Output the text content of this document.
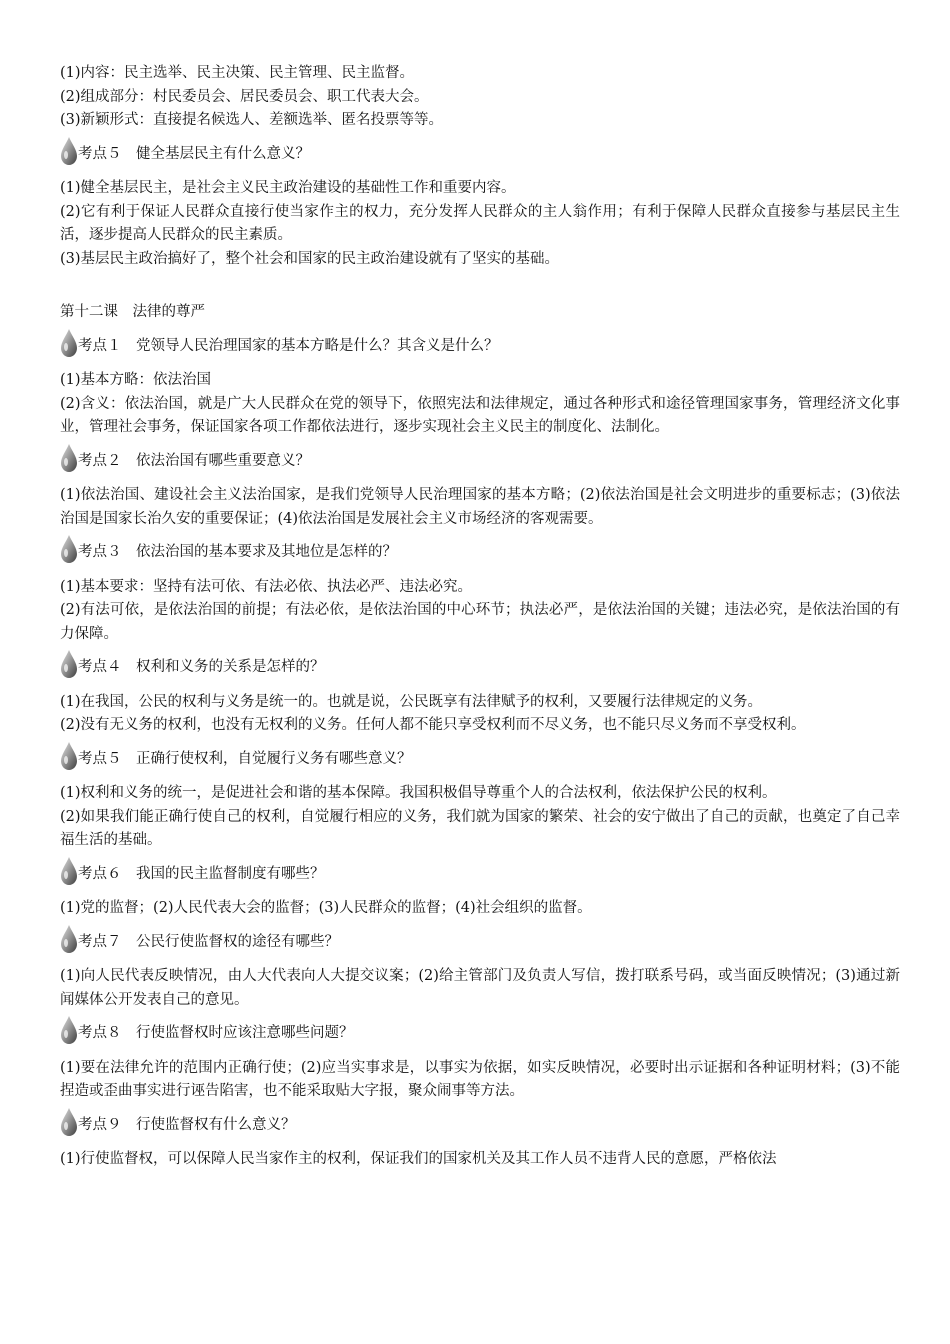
(1)内容：民主选举、民主决策、民主管理、民主监督。
(2)组成部分：村民委员会、居民委员会、职工代表大会。
(3)新颖形式：直接提名候选人、差额选举、匿名投票等等。
考点５　健全基层民主有什么意义？
(1)健全基层民主，是社会主义民主政治建设的基础性工作和重要内容。
(2)它有利于保证人民群众直接行使当家作主的权力，充分发挥人民群众的主人翁作用；有利于保障人民群众直接参与基层民主生活，逐步提高人民群众的民主素质。
(3)基层民主政治搞好了，整个社会和国家的民主政治建设就有了坚实的基础。
第十二课　法律的尊严
考点１　党领导人民治理国家的基本方略是什么？其含义是什么？
(1)基本方略：依法治国
(2)含义：依法治国，就是广大人民群众在党的领导下，依照宪法和法律规定，通过各种形式和途径管理国家事务，管理经济文化事业，管理社会事务，保证国家各项工作都依法进行，逐步实现社会主义民主的制度化、法制化。
考点２　依法治国有哪些重要意义？
(1)依法治国、建设社会主义法治国家，是我们党领导人民治理国家的基本方略；(2)依法治国是社会文明进步的重要标志；(3)依法治国是国家长治久安的重要保证；(4)依法治国是发展社会主义市场经济的客观需要。
考点３　依法治国的基本要求及其地位是怎样的？
(1)基本要求：坚持有法可依、有法必依、执法必严、违法必究。
(2)有法可依，是依法治国的前提；有法必依，是依法治国的中心环节；执法必严，是依法治国的关键；违法必究，是依法治国的有力保障。
考点４　权利和义务的关系是怎样的？
(1)在我国，公民的权利与义务是统一的。也就是说，公民既享有法律赋予的权利，又要履行法律规定的义务。
(2)没有无义务的权利，也没有无权利的义务。任何人都不能只享受权利而不尽义务，也不能只尽义务而不享受权利。
考点５　正确行使权利，自觉履行义务有哪些意义？
(1)权利和义务的统一，是促进社会和谐的基本保障。我国积极倡导尊重个人的合法权利，依法保护公民的权利。
(2)如果我们能正确行使自己的权利，自觉履行相应的义务，我们就为国家的繁荣、社会的安宁做出了自己的贡献，也奠定了自己幸福生活的基础。
考点６　我国的民主监督制度有哪些？
(1)党的监督；(2)人民代表大会的监督；(3)人民群众的监督；(4)社会组织的监督。
考点７　公民行使监督权的途径有哪些？
(1)向人民代表反映情况，由人大代表向人大提交议案；(2)给主管部门及负责人写信，拨打联系号码，或当面反映情况；(3)通过新闻媒体公开发表自己的意见。
考点８　行使监督权时应该注意哪些问题？
(1)要在法律允许的范围内正确行使；(2)应当实事求是，以事实为依据，如实反映情况，必要时出示证据和各种证明材料；(3)不能捏造或歪曲事实进行诬告陷害，也不能采取贴大字报，聚众闹事等方法。
考点９　行使监督权有什么意义？
(1)行使监督权，可以保障人民当家作主的权利，保证我们的国家机关及其工作人员不违背人民的意愿，严格依法
